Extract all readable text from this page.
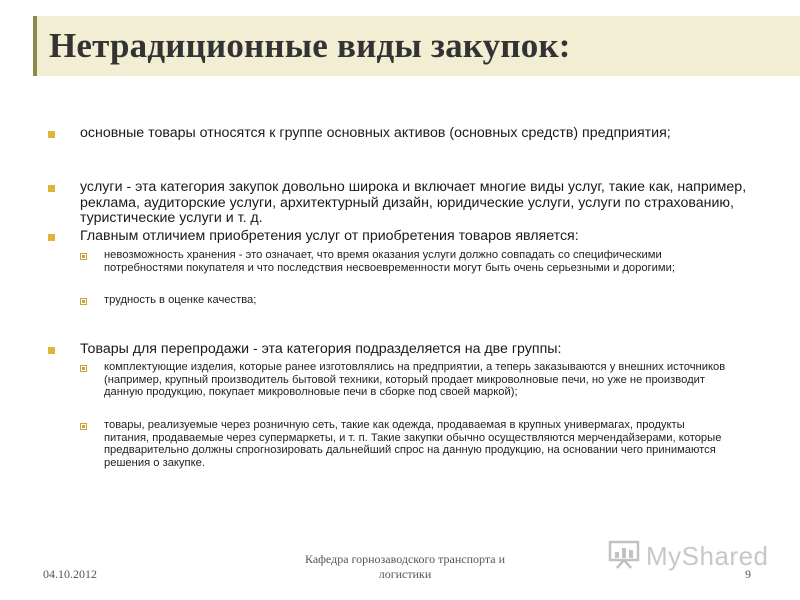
Нетрадиционные виды закупок:

основные товары относятся к группе основных активов (основных средств) предприятия;

услуги - эта категория закупок довольно широка и включает многие виды услуг, такие как, например, реклама, аудиторские услуги, архитектурный дизайн, юридические услуги, услуги по страхованию, туристические услуги и т. д.

Главным отличием приобретения услуг от приобретения товаров является:

невозможность хранения - это означает, что время оказания услуги должно совпадать со специфическими потребностями покупателя и что последствия несвоевременности могут быть очень серьезными и дорогими;

трудность в оценке качества;

Товары для перепродажи - эта категория подразделяется на две группы:

комплектующие изделия, которые ранее изготовлялись на предприятии, а теперь заказываются у внешних источников (например, крупный производитель бытовой техники, который продает микроволновые печи, но уже не производит данную продукцию, покупает микроволновые печи в сборке под своей маркой);

товары, реализуемые через розничную сеть, такие как одежда, продаваемая в крупных универмагах, продукты питания, продаваемые через супермаркеты, и т. п. Такие закупки обычно осуществляются мерчендайзерами, которые предварительно должны спрогнозировать дальнейший спрос на данную продукцию, на основании чего принимаются решения о закупке.

04.10.2012
Кафедра горнозаводского транспорта и логистики	9
MyShared
